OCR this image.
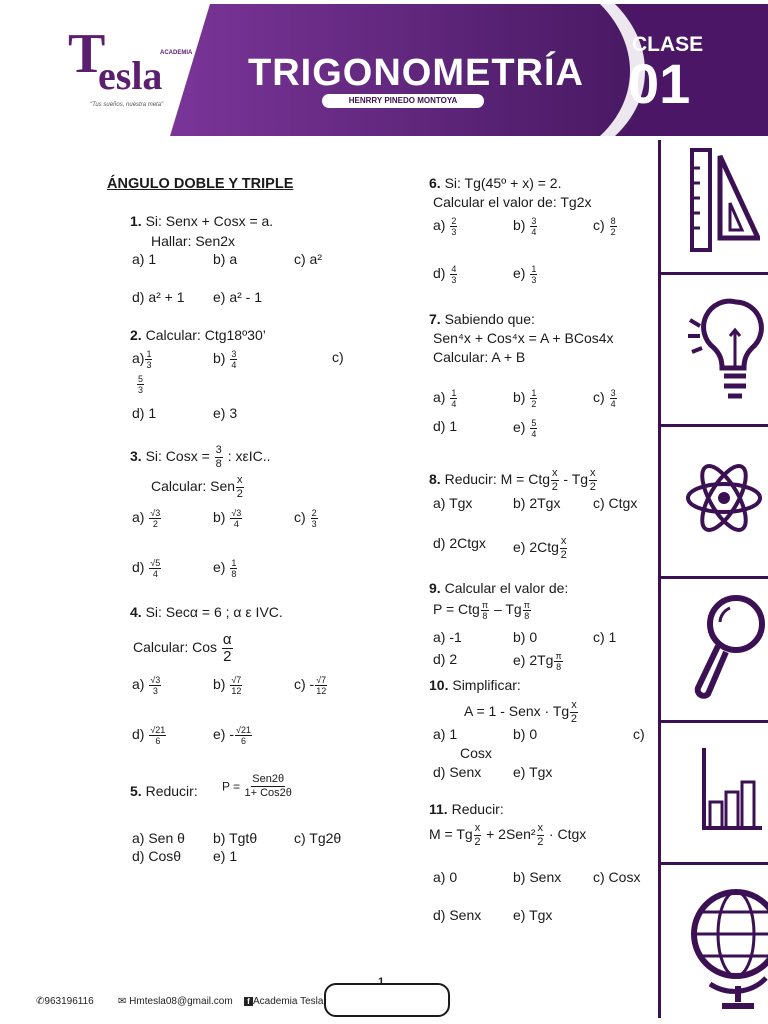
T	ACADEMIA
esla
"Tus sueños, nuestra meta"
TRIGONOMETRÍA
HENRRY PINEDO MONTOYA
CLASE
01
ÁNGULO DOBLE Y TRIPLE
1. Si: Senx + Cosx = a.
Hallar: Sen2x
a) 1	b) a	c) a²
d) a² + 1 e) a² - 1
2. Calcular: Ctg18º30’
$a) \frac{1}{3}$	$b) \frac{3}{4}$	c)
$\frac{5}{3}$
d) 1	e) 3
3. Si: Cosx = $\frac{3}{8}$ : xεIC..
Calcular: Sen $\frac{x}{2}$
$a) \frac{√3}{2}$	$b) \frac{√3}{4}$	$c) \frac{2}{3}$
$d) \frac{√5}{4}$	$e) \frac{1}{8}$
4. Si: Secα = 6 ; α ε IVC.
Calcular: Cos $\frac{\alpha}{2}$
$a) \frac{√3}{3}$	$b) \frac{√7}{12}$	$c) - \frac{√7}{12}$
$d) \frac{√21}{6}$	$e) - \frac{√21}{6}$
5. Reducir: $P = \frac{\text{Sen2θ}}{\text{1+ Cos2θ}}$
a) Sen θ b) Tgtθ	c) Tg2θ
d) Cosθ e) 1
6. Si: Tg(45º + x) = 2.
Calcular el valor de: Tg2x
$a) \frac{2}{3}$	$b) \frac{3}{4}$	$c) \frac{8}{2}$
$d) \frac{4}{3}$	$e) \frac{1}{3}$
7. Sabiendo que:
Sen⁴x + Cos⁴x = A + BCos4x
Calcular: A + B
$a) \frac{1}{4}$	$b) \frac{1}{2}$	$c) \frac{3}{4}$
d) 1	$e) \frac{5}{4}$
8. Reducir: M = Ctg $\frac{x}{2}$ - Tg $\frac{x}{2}$
a) Tgx	b) 2Tgx c) Ctgx
d) 2Ctgx e) $2Ctg \frac{x}{2}$
9. Calcular el valor de:
P = Ctg $\frac{\pi}{8}$ – Tg $\frac{\pi}{8}$
a) -1	b) 0	c) 1
d) 2	e) $2Tg \frac{\pi}{8}$
10. Simplificar:
A = 1 - Senx · Tg $\frac{x}{2}$
a) 1	b) 0	c)
Cosx
d) Senx e) Tgx
11. Reducir:
M = Tg $\frac{x}{2} + 2Sen^2 \frac{x}{2}$ · Ctgx
a) 0	b) Senx c) Cosx
d) Senx e) Tgx
✆963196116 ✉ Hmtesla08@gmail.com	f Academia Tesla
1
